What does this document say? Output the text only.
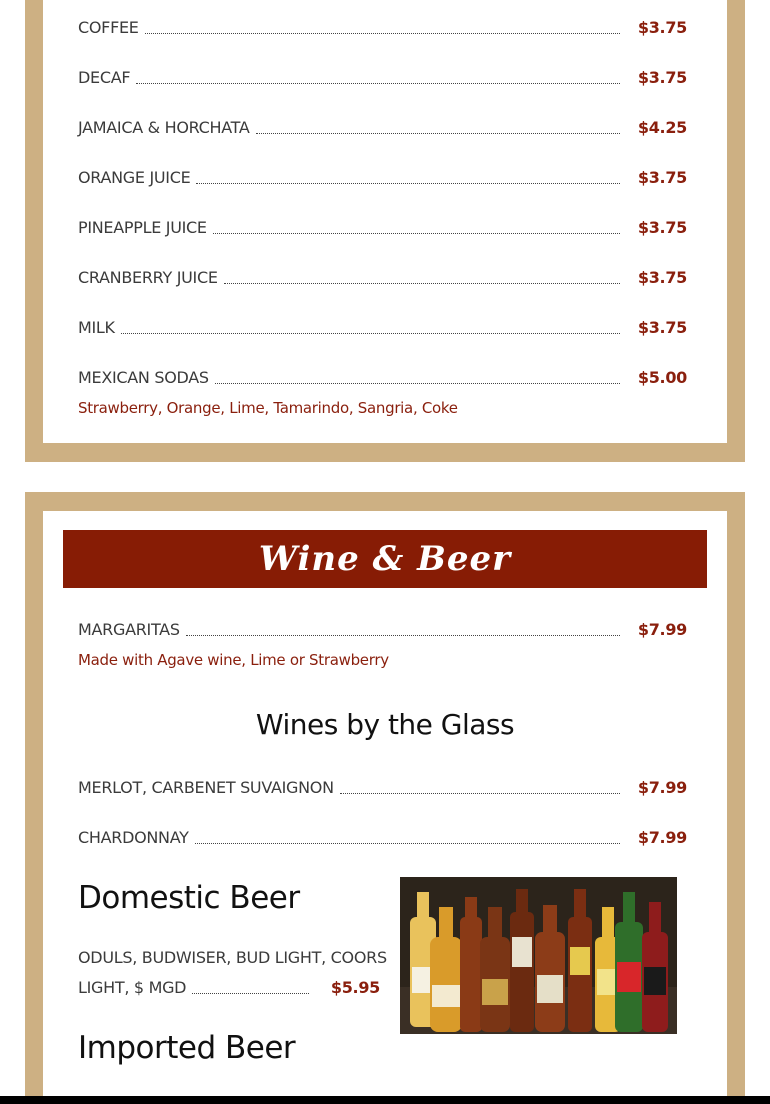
COFFEE	$3.75
DECAF	$3.75
JAMAICA & HORCHATA	$4.25
ORANGE JUICE	$3.75
PINEAPPLE JUICE	$3.75
CRANBERRY JUICE	$3.75
MILK	$3.75
MEXICAN SODAS	$5.00
Strawberry, Orange, Lime, Tamarindo, Sangria, Coke
Wine & Beer
MARGARITAS	$7.99
Made with Agave wine, Lime or Strawberry
Wines by the Glass
MERLOT, CARBENET SUVAIGNON	$7.99
CHARDONNAY	$7.99
Domestic Beer
ODULS, BUDWISER, BUD LIGHT, COORS
LIGHT, $ MGD	$5.95
Imported Beer
